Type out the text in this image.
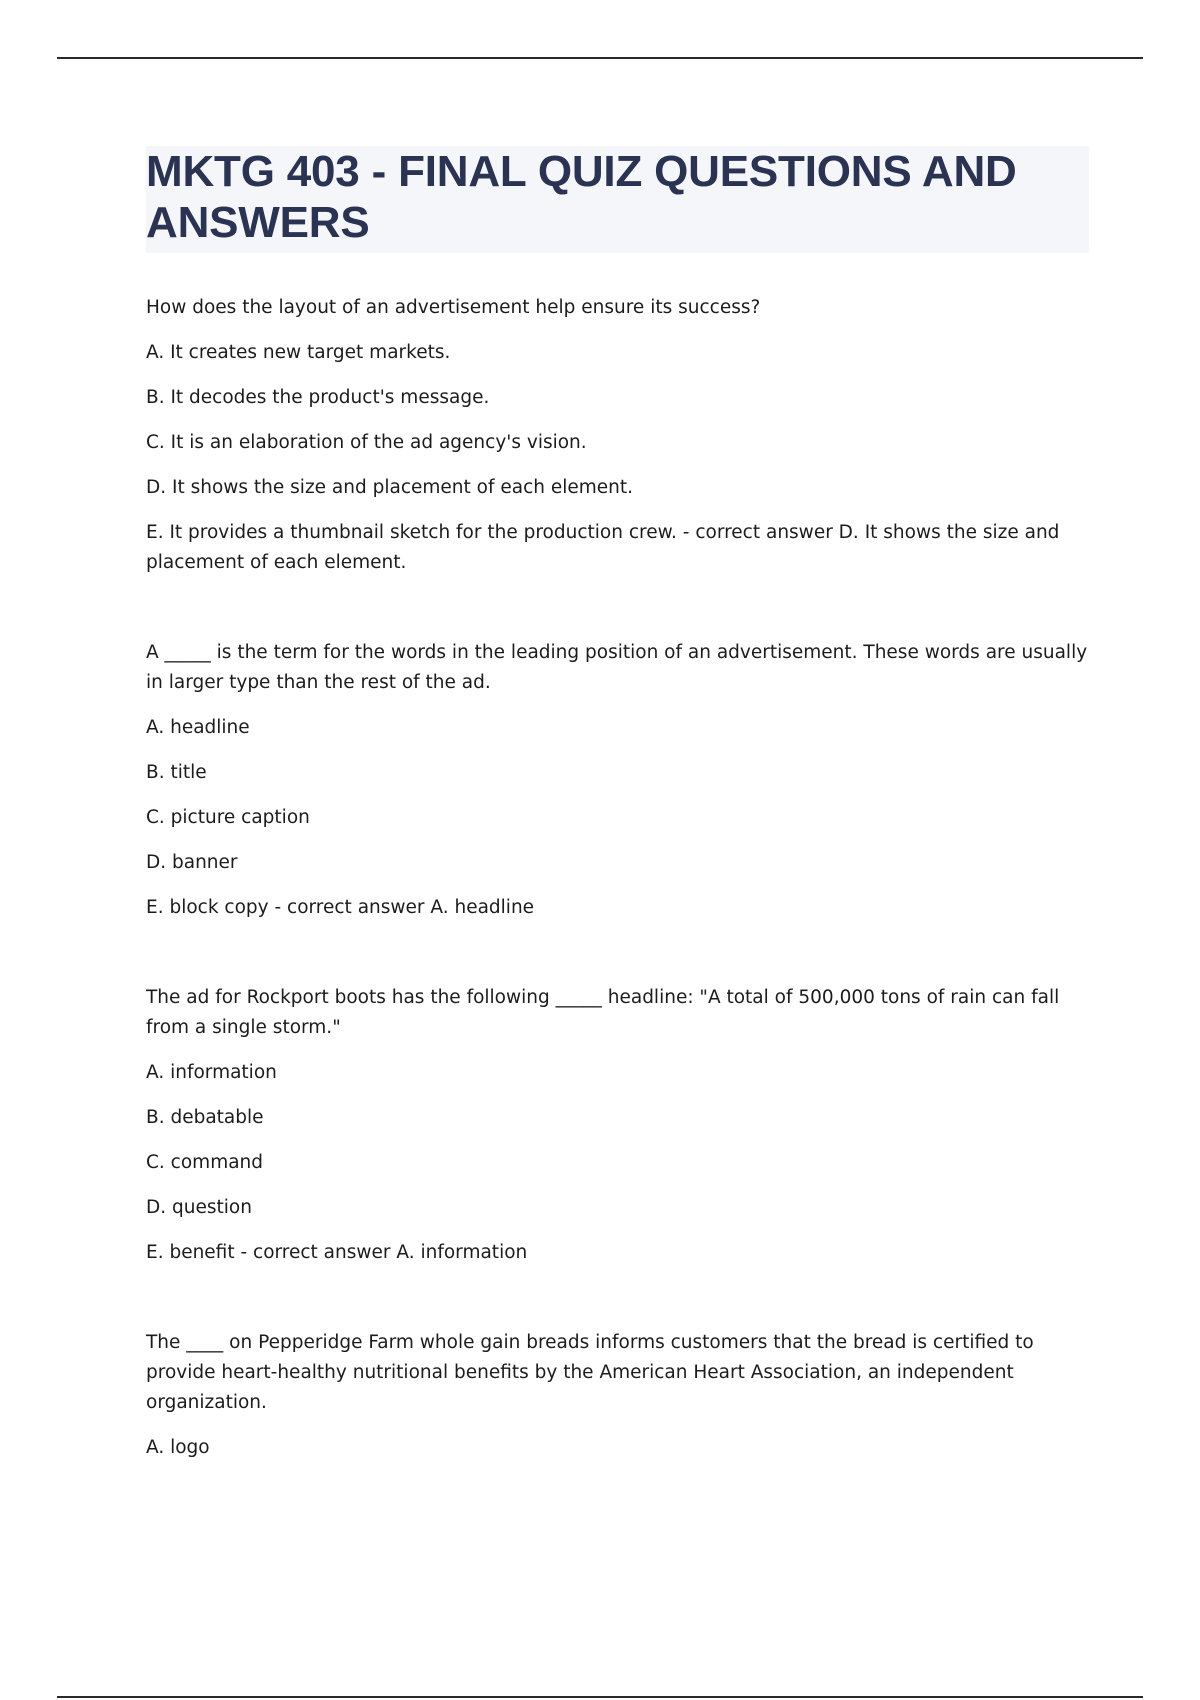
MKTG 403 - FINAL QUIZ QUESTIONS AND ANSWERS

How does the layout of an advertisement help ensure its success?

A. It creates new target markets.

B. It decodes the product's message.

C. It is an elaboration of the ad agency's vision.

D. It shows the size and placement of each element.

E. It provides a thumbnail sketch for the production crew. - correct answer D. It shows the size and placement of each element.

A _____ is the term for the words in the leading position of an advertisement. These words are usually in larger type than the rest of the ad.

A. headline

B. title

C. picture caption

D. banner

E. block copy - correct answer A. headline

The ad for Rockport boots has the following _____ headline: "A total of 500,000 tons of rain can fall from a single storm."

A. information

B. debatable

C. command

D. question

E. benefit - correct answer A. information

The ____ on Pepperidge Farm whole gain breads informs customers that the bread is certified to provide heart-healthy nutritional benefits by the American Heart Association, an independent organization.

A. logo
